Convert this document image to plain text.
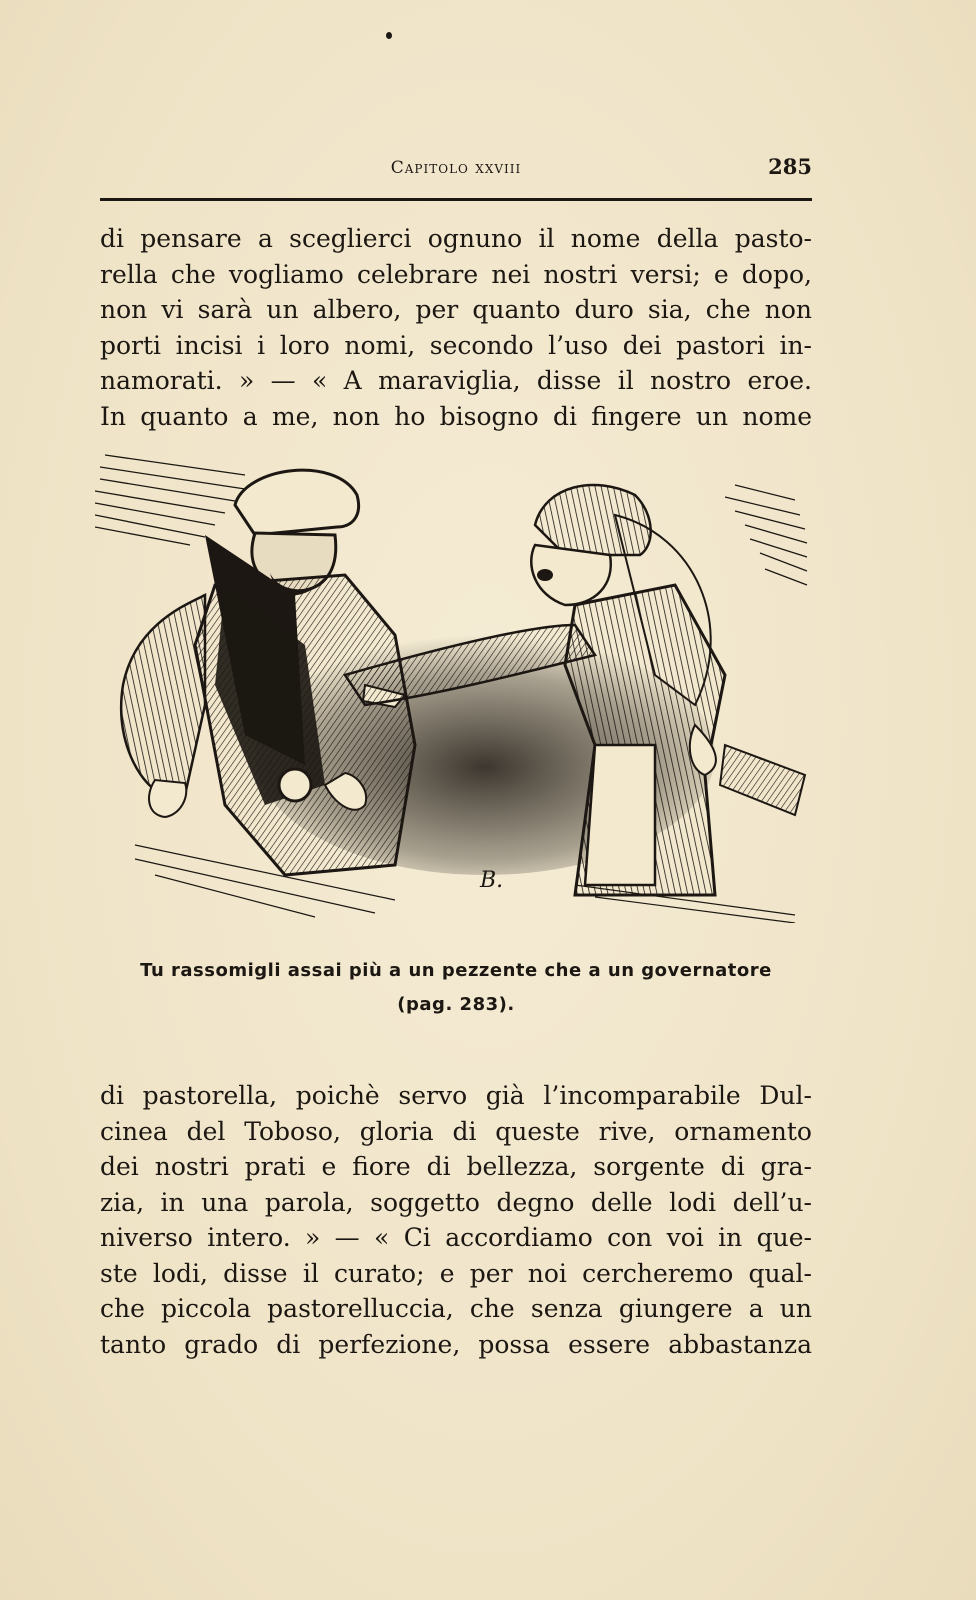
Capitolo xxviii	285

di pensare a sceglierci ognuno il nome della pasto-
rella che vogliamo celebrare nei nostri versi; e dopo,
non vi sarà un albero, per quanto duro sia, che non
porti incisi i loro nomi, secondo l’uso dei pastori in-
namorati. » — « A maraviglia, disse il nostro eroe.
In quanto a me, non ho bisogno di fingere un nome

B.
Tu rassomigli assai più a un pezzente che a un governatore
(pag. 283).

di pastorella, poichè servo già l’incomparabile Dul-
cinea del Toboso, gloria di queste rive, ornamento
dei nostri prati e fiore di bellezza, sorgente di gra-
zia, in una parola, soggetto degno delle lodi dell’u-
niverso intero. » — « Ci accordiamo con voi in que-
ste lodi, disse il curato; e per noi cercheremo qual-
che piccola pastorelluccia, che senza giungere a un
tanto grado di perfezione, possa essere abbastanza
